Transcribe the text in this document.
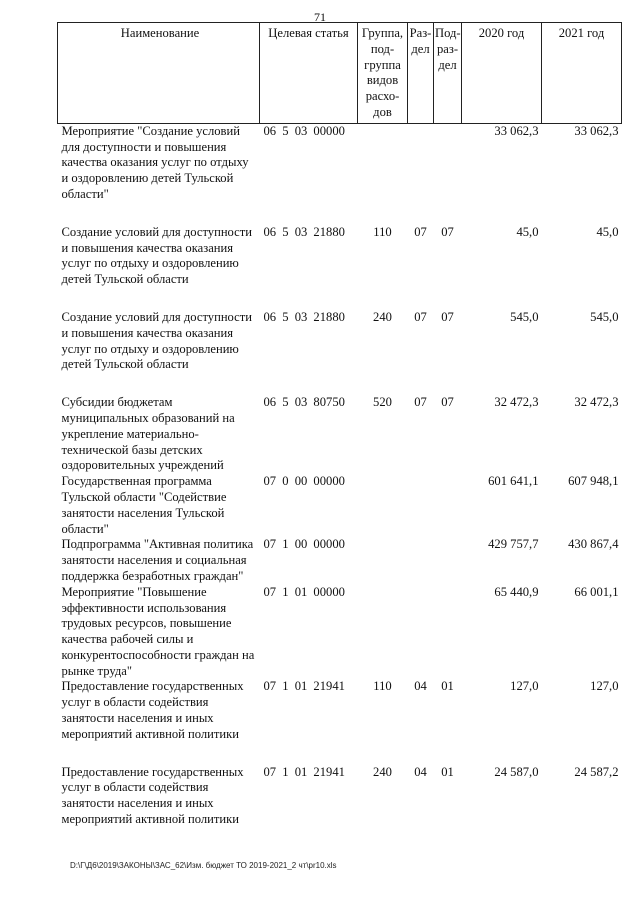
71
Наименование	Целевая статья	Группа, под- группа видов расхо- дов	Раз- дел	Под- раз- дел	2020 год	2021 год
Мероприятие "Создание условий для доступности и повышения качества оказания услуг по отдыху и оздоровлению детей Тульской области"	06 5 03 00000				33 062,3	33 062,3
Создание условий для доступности и повышения качества оказания услуг по отдыху и оздоровлению детей Тульской области	06 5 03 21880	110	07	07	45,0	45,0
Создание условий для доступности и повышения качества оказания услуг по отдыху и оздоровлению детей Тульской области	06 5 03 21880	240	07	07	545,0	545,0
Субсидии бюджетам муниципальных образований на укрепление материально-технической базы детских оздоровительных учреждений	06 5 03 80750	520	07	07	32 472,3	32 472,3
Государственная программа Тульской области "Содействие занятости населения Тульской области"	07 0 00 00000				601 641,1	607 948,1
Подпрограмма "Активная политика занятости населения и социальная поддержка безработных граждан"	07 1 00 00000				429 757,7	430 867,4
Мероприятие "Повышение эффективности использования трудовых ресурсов, повышение качества рабочей силы и конкурентоспособности граждан на рынке труда"	07 1 01 00000				65 440,9	66 001,1
Предоставление государственных услуг в области содействия занятости населения и иных мероприятий активной политики	07 1 01 21941	110	04	01	127,0	127,0
Предоставление государственных услуг в области содействия занятости населения и иных мероприятий активной политики	07 1 01 21941	240	04	01	24 587,0	24 587,2
D:\Г\Д6\2019\ЗАКОНЫ\ЗАС_62\Изм. бюджет ТО 2019-2021_2 чт\pr10.xls
